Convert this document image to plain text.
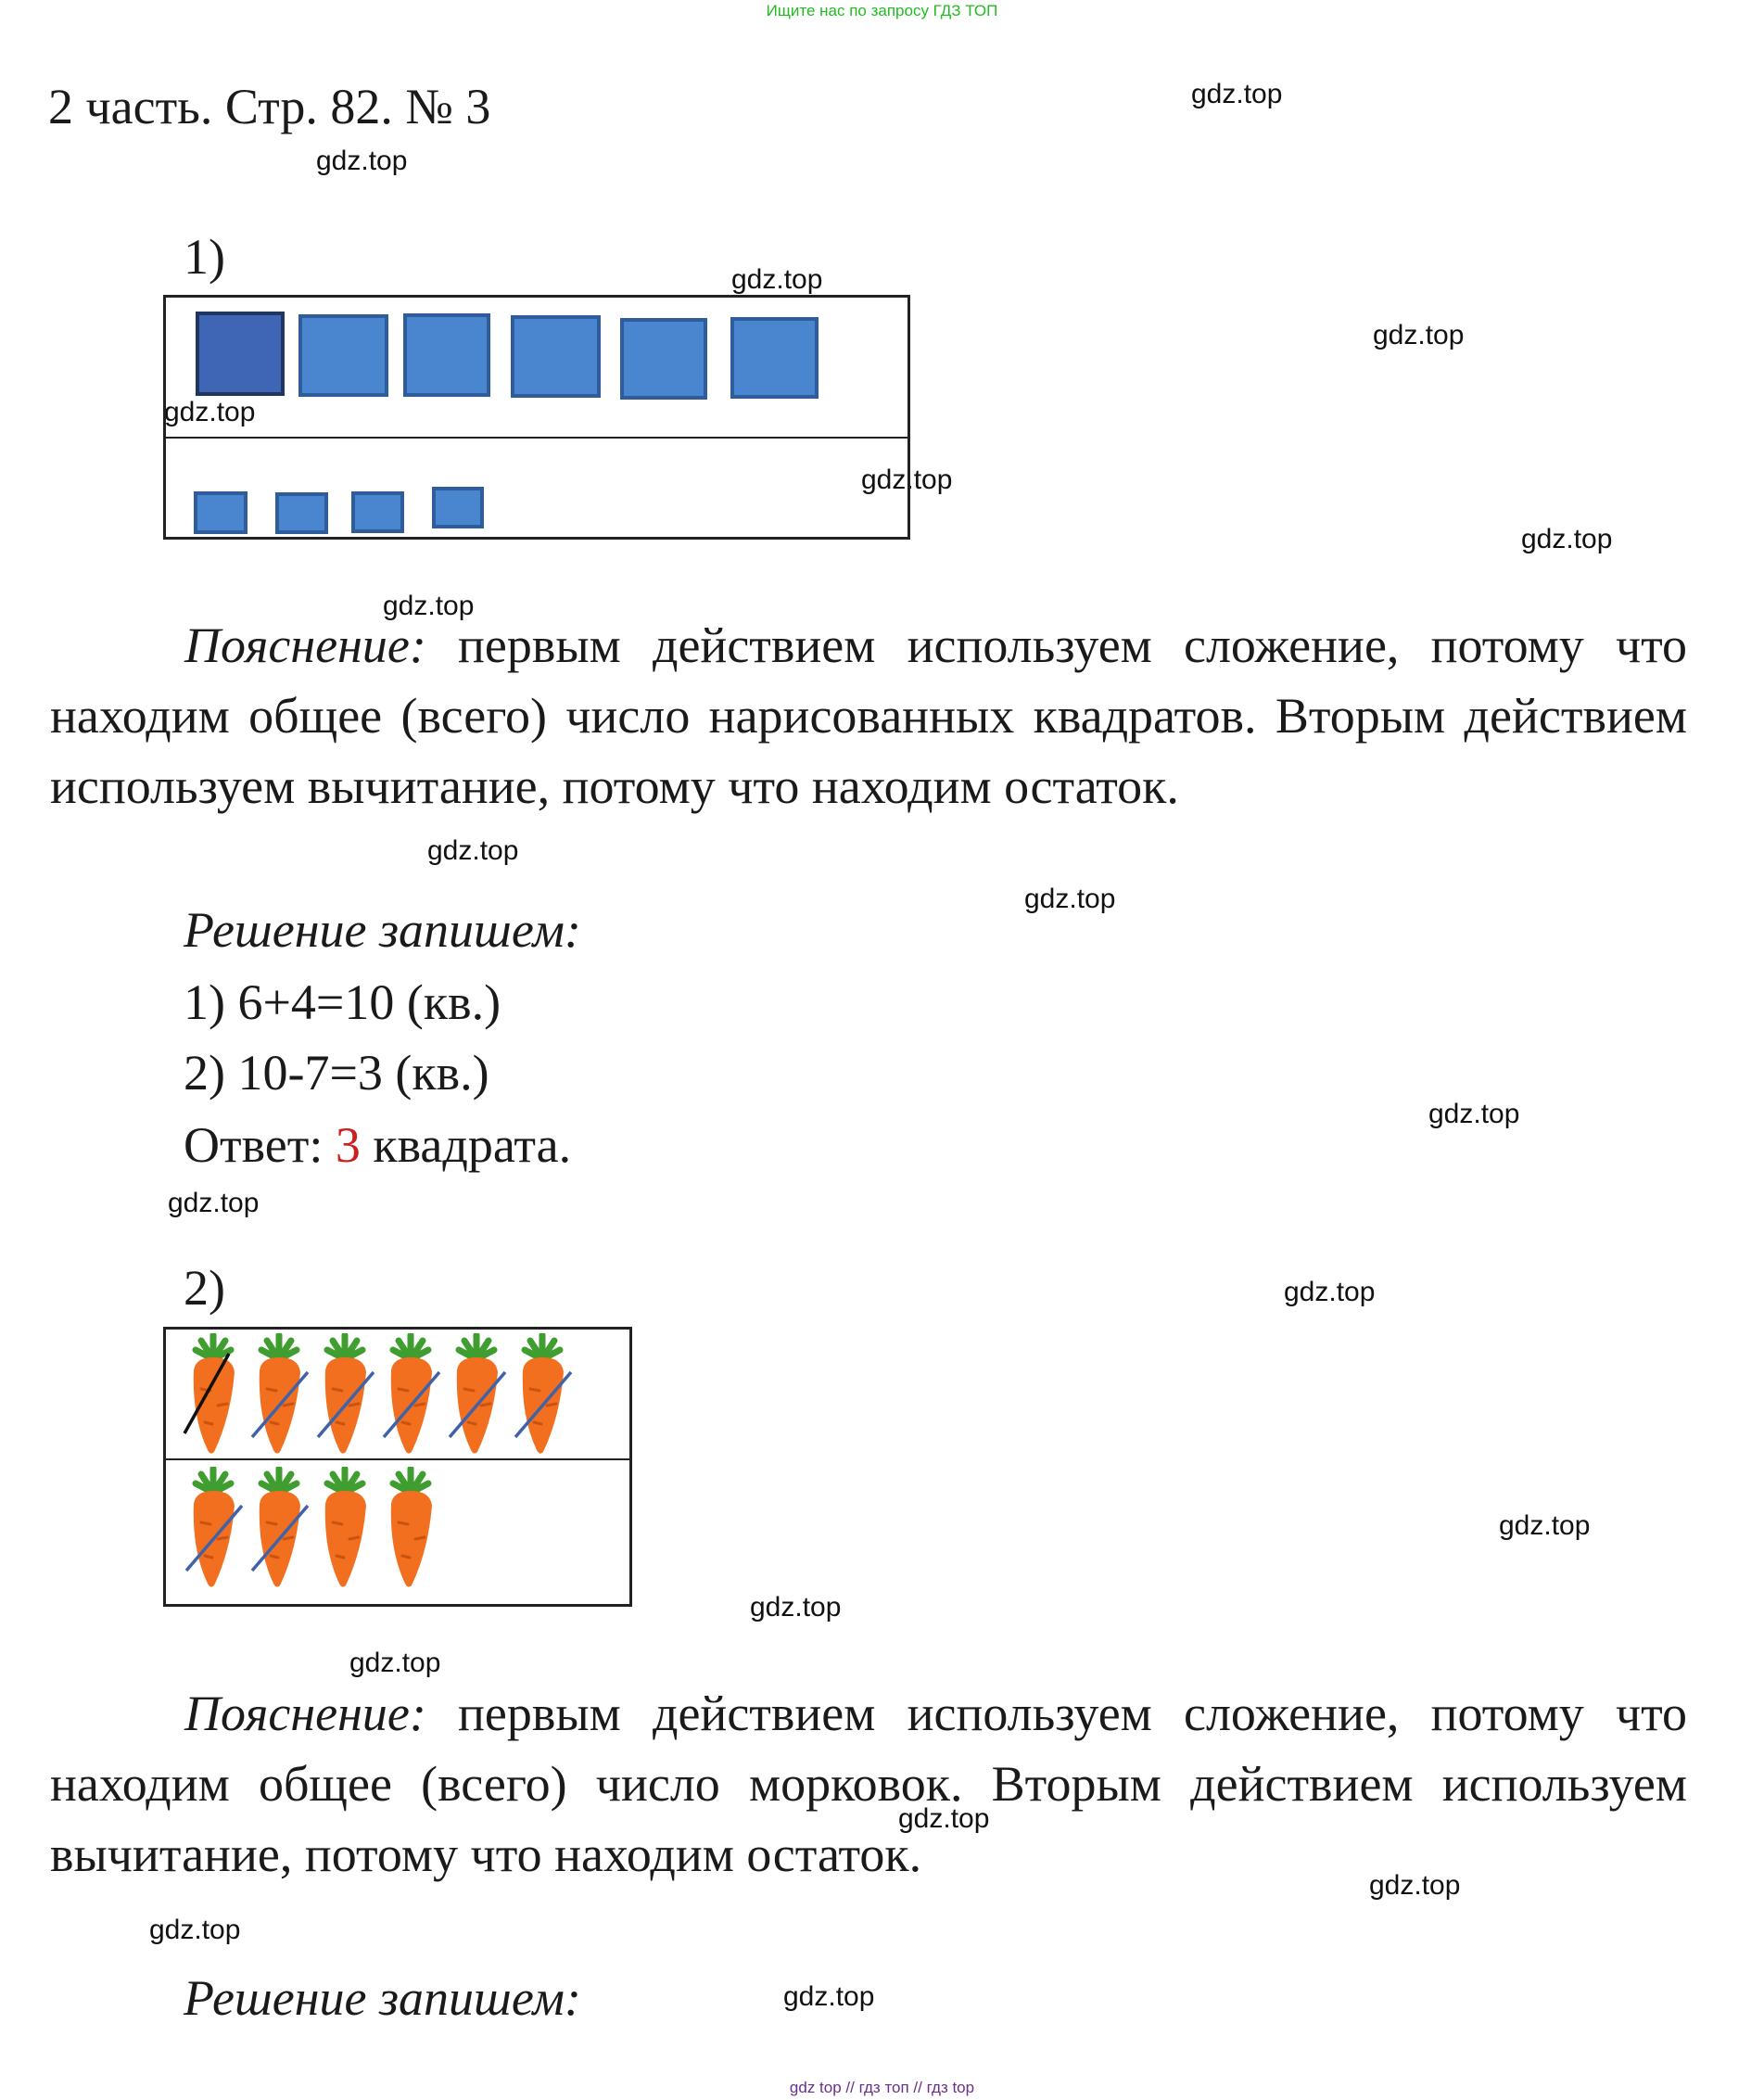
Ищите нас по запросу ГДЗ ТОП
2 часть. Стр. 82. № 3	gdz.top
gdz.top
gdz.top
gdz.top
gdz.top
gdz.top
gdz.top
gdz.top
gdz.top
gdz.top
gdz.top
gdz.top
gdz.top
gdz.top
gdz.top
gdz.top
gdz.top
gdz.top
gdz.top
gdz.top
1)
Пояснение: первым действием используем сложение, потому что находим общее (всего) число нарисованных квадратов. Вторым действием используем вычитание, потому что находим остаток.
Решение запишем:
1) 6+4=10 (кв.)
2) 10-7=3 (кв.)
Ответ: 3 квадрата.
2)
Пояснение: первым действием используем сложение, потому что находим общее (всего) число морковок. Вторым действием используем вычитание, потому что находим остаток.
Решение запишем:
gdz top // гдз топ // гдз top
